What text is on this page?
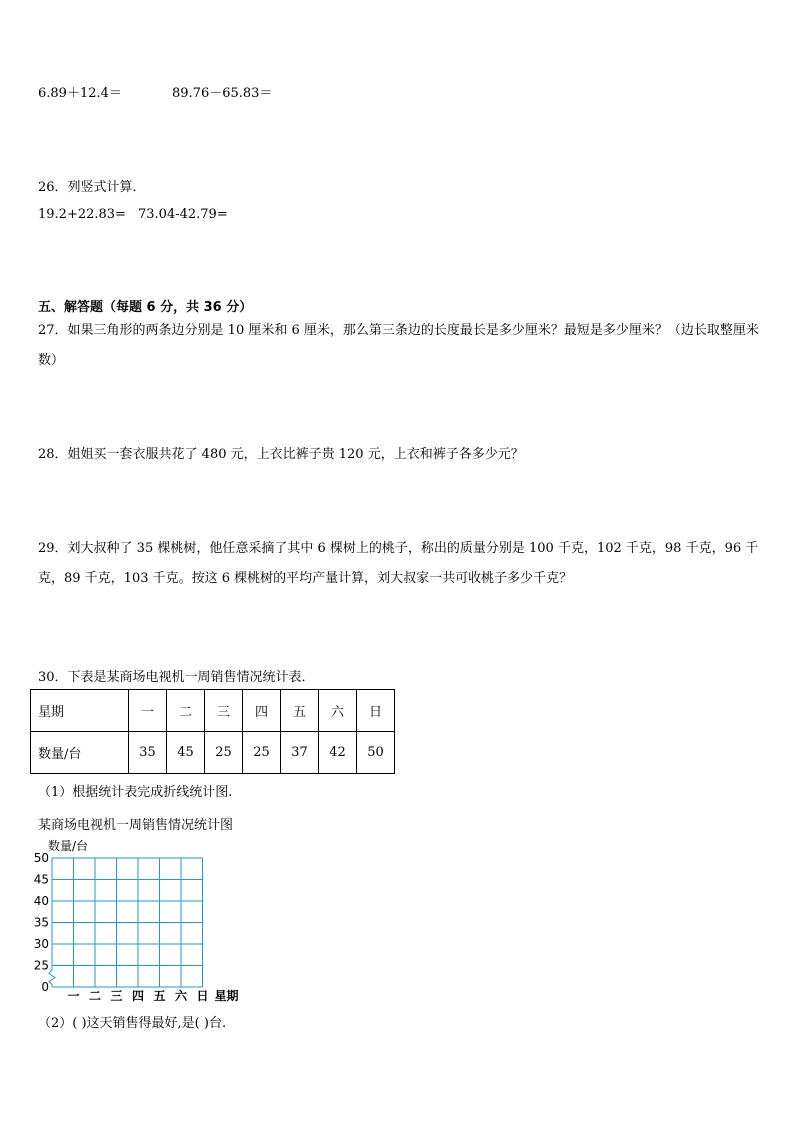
6.89＋12.4＝	89.76－65.83＝
26．列竖式计算．
19.2+22.83= 73.04-42.79=
五、解答题（每题 6 分，共 36 分）
27．如果三角形的两条边分别是 10 厘米和 6 厘米，那么第三条边的长度最长是多少厘米？最短是多少厘米？（边长取整厘米数）
28．姐姐买一套衣服共花了 480 元，上衣比裤子贵 120 元，上衣和裤子各多少元？
29．刘大叔种了 35 棵桃树，他任意采摘了其中 6 棵树上的桃子，称出的质量分别是 100 千克，102 千克，98 千克，96 千克，89 千克，103 千克。按这 6 棵桃树的平均产量计算，刘大叔家一共可收桃子多少千克？
30．下表是某商场电视机一周销售情况统计表．
星期	一	二	三	四	五	六	日
数量/台	35	45	25	25	37	42	50
（1）根据统计表完成折线统计图.
某商场电视机一周销售情况统计图
数量/台
50
45
40
35
30
25
0
一 二 三 四 五 六 日 星期
（2）( )这天销售得最好,是( )台.
